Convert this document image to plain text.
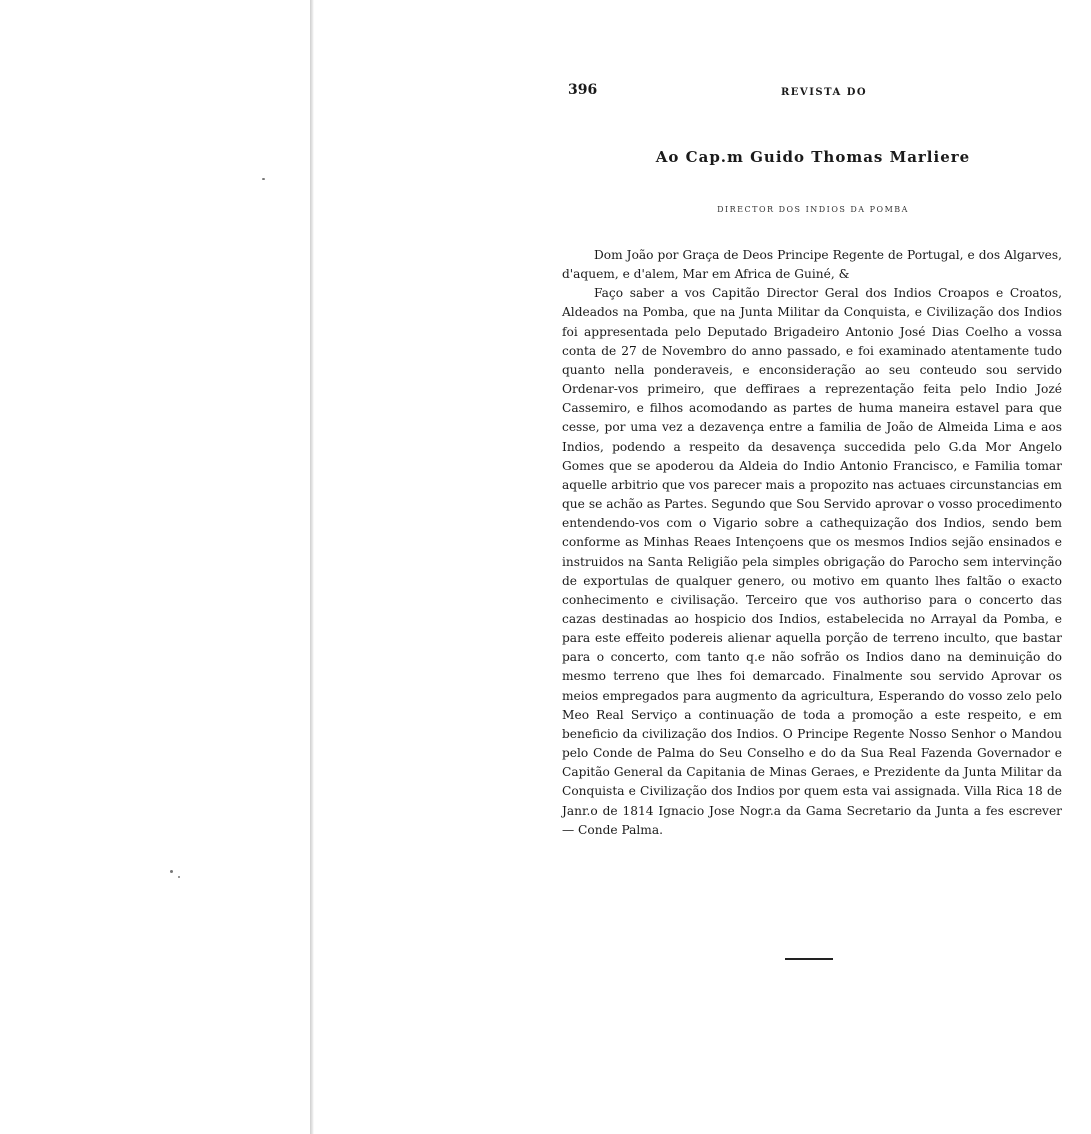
396	REVISTA DO
Ao Cap.m Guido Thomas Marliere
DIRECTOR DOS INDIOS DA POMBA

Dom João por Graça de Deos Principe Regente de Portugal, e dos Algarves, d'aquem, e d'alem, Mar em Africa de Guiné, &

Faço saber a vos Capitão Director Geral dos Indios Croapos e Croatos, Aldeados na Pomba, que na Junta Militar da Conquista, e Civilização dos Indios foi appresentada pelo Deputado Brigadeiro Antonio José Dias Coelho a vossa conta de 27 de Novembro do anno passado, e foi examinado atentamente tudo quanto nella ponderaveis, e enconsideração ao seu conteudo sou servido Ordenar-vos primeiro, que deffiraes a reprezentação feita pelo Indio Jozé Cassemiro, e filhos acomodando as partes de huma maneira estavel para que cesse, por uma vez a dezavença entre a familia de João de Almeida Lima e aos Indios, podendo a respeito da desavença succedida pelo G.da Mor Angelo Gomes que se apoderou da Aldeia do Indio Antonio Francisco, e Familia tomar aquelle arbitrio que vos parecer mais a propozito nas actuaes circunstancias em que se achão as Partes. Segundo que Sou Servido aprovar o vosso procedimento entendendo-vos com o Vigario sobre a cathequização dos Indios, sendo bem conforme as Minhas Reaes Intençoens que os mesmos Indios sejão ensinados e instruidos na Santa Religião pela simples obrigação do Parocho sem intervinção de exportulas de qualquer genero, ou motivo em quanto lhes faltão o exacto conhecimento e civilisação. Terceiro que vos authoriso para o concerto das cazas destinadas ao hospicio dos Indios, estabelecida no Arrayal da Pomba, e para este effeito podereis alienar aquella porção de terreno inculto, que bastar para o concerto, com tanto q.e não sofrão os Indios dano na deminuição do mesmo terreno que lhes foi demarcado. Finalmente sou servido Aprovar os meios empregados para augmento da agricultura, Esperando do vosso zelo pelo Meo Real Serviço a continuação de toda a promoção a este respeito, e em beneficio da civilização dos Indios. O Principe Regente Nosso Senhor o Mandou pelo Conde de Palma do Seu Conselho e do da Sua Real Fazenda Governador e Capitão General da Capitania de Minas Geraes, e Prezidente da Junta Militar da Conquista e Civilização dos Indios por quem esta vai assignada. Villa Rica 18 de Janr.o de 1814 Ignacio Jose Nogr.a da Gama Secretario da Junta a fes escrever — Conde Palma.
